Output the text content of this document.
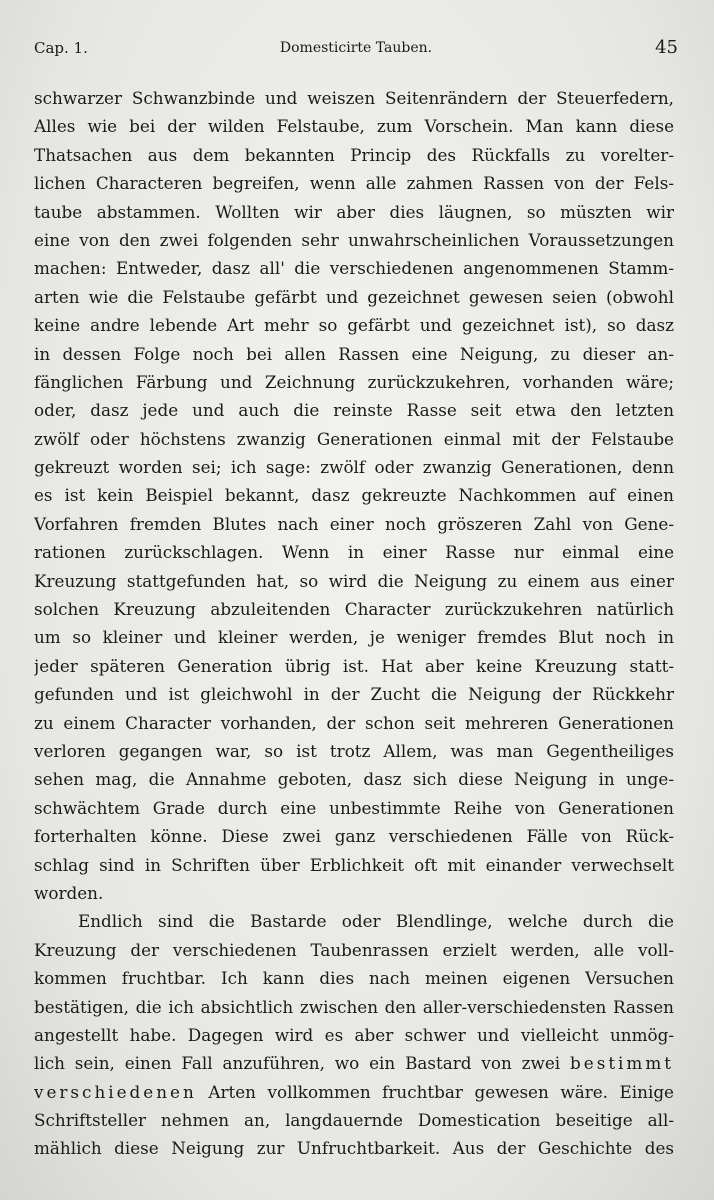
Cap. 1.	Domesticirte Tauben.	45
schwarzer Schwanzbinde und weiszen Seitenrändern der Steuerfedern,
Alles wie bei der wilden Felstaube, zum Vorschein. Man kann diese
Thatsachen aus dem bekannten Princip des Rückfalls zu vorelter-
lichen Characteren begreifen, wenn alle zahmen Rassen von der Fels-
taube abstammen. Wollten wir aber dies läugnen, so müszten wir
eine von den zwei folgenden sehr unwahrscheinlichen Voraussetzungen
machen: Entweder, dasz all' die verschiedenen angenommenen Stamm-
arten wie die Felstaube gefärbt und gezeichnet gewesen seien (obwohl
keine andre lebende Art mehr so gefärbt und gezeichnet ist), so dasz
in dessen Folge noch bei allen Rassen eine Neigung, zu dieser an-
fänglichen Färbung und Zeichnung zurückzukehren, vorhanden wäre;
oder, dasz jede und auch die reinste Rasse seit etwa den letzten
zwölf oder höchstens zwanzig Generationen einmal mit der Felstaube
gekreuzt worden sei; ich sage: zwölf oder zwanzig Generationen, denn
es ist kein Beispiel bekannt, dasz gekreuzte Nachkommen auf einen
Vorfahren fremden Blutes nach einer noch gröszeren Zahl von Gene-
rationen zurückschlagen. Wenn in einer Rasse nur einmal eine
Kreuzung stattgefunden hat, so wird die Neigung zu einem aus einer
solchen Kreuzung abzuleitenden Character zurückzukehren natürlich
um so kleiner und kleiner werden, je weniger fremdes Blut noch in
jeder späteren Generation übrig ist. Hat aber keine Kreuzung statt-
gefunden und ist gleichwohl in der Zucht die Neigung der Rückkehr
zu einem Character vorhanden, der schon seit mehreren Generationen
verloren gegangen war, so ist trotz Allem, was man Gegentheiliges
sehen mag, die Annahme geboten, dasz sich diese Neigung in unge-
schwächtem Grade durch eine unbestimmte Reihe von Generationen
forterhalten könne. Diese zwei ganz verschiedenen Fälle von Rück-
schlag sind in Schriften über Erblichkeit oft mit einander verwechselt
worden.
Endlich sind die Bastarde oder Blendlinge, welche durch die
Kreuzung der verschiedenen Taubenrassen erzielt werden, alle voll-
kommen fruchtbar. Ich kann dies nach meinen eigenen Versuchen
bestätigen, die ich absichtlich zwischen den aller-verschiedensten Rassen
angestellt habe. Dagegen wird es aber schwer und vielleicht unmög-
lich sein, einen Fall anzuführen, wo ein Bastard von zwei bestimmt
verschiedenen Arten vollkommen fruchtbar gewesen wäre. Einige
Schriftsteller nehmen an, langdauernde Domestication beseitige all-
mählich diese Neigung zur Unfruchtbarkeit. Aus der Geschichte des
